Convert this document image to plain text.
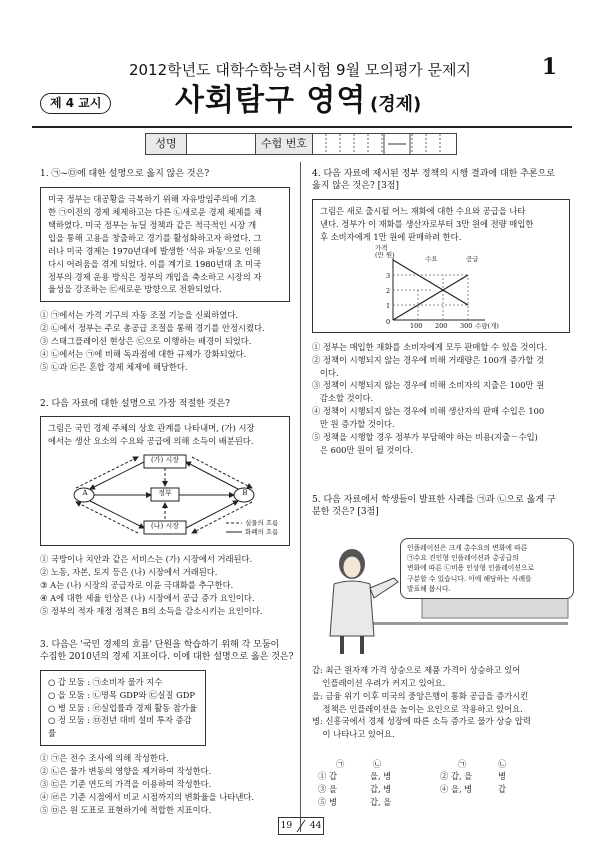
2012학년도 대학수학능력시험 9월 모의평가 문제지	1
제 4 교시	사회탐구 영역 (경제)
성명	수험 번호
1. ㉠~㉤에 대한 설명으로 옳지 않은 것은?
미국 정부는 대공황을 극복하기 위해 자유방임주의에 기초
한 ㉠이전의 경제 체제하고는 다른 ㉡새로운 경제 체제를 채
택하였다. 미국 정부는 뉴딜 정책과 같은 적극적인 시장 개
입을 통해 고용을 창출하고 경기를 활성화하고자 하였다. 그
러나 미국 경제는 1970년대에 발생한 '석유 파동'으로 인해
다시 어려움을 겪게 되었다. 이를 계기로 1980년대 초 미국
정부의 경제 운용 방식은 정부의 개입을 축소하고 시장의 자
율성을 강조하는 ㉢새로운 방향으로 전환되었다.

① ㉠에서는 가격 기구의 자동 조절 기능을 신뢰하였다.

② ㉡에서 정부는 주로 총공급 조절을 통해 경기를 안정시켰다.

③ 스태그플레이션 현상은 ㉢으로 이행하는 배경이 되었다.

④ ㉡에서는 ㉠에 비해 독과점에 대한 규제가 강화되었다.

⑤ ㉡과 ㉢은 혼합 경제 체제에 해당한다.

2. 다음 자료에 대한 설명으로 가장 적절한 것은?
그림은 국민 경제 주체의 상호 관계를 나타내며, (가) 시장
에서는 생산 요소의 수요와 공급에 의해 소득이 배분된다.
(가) 시장
(나) 시장
정부
A	B
실물의 흐름
화폐의 흐름

① 국방이나 치안과 같은 서비스는 (가) 시장에서 거래된다.

② 노동, 자본, 토지 등은 (나) 시장에서 거래된다.

③ A는 (나) 시장의 공급자로 이윤 극대화를 추구한다.

④ A에 대한 세율 인상은 (나) 시장에서 공급 증가 요인이다.

⑤ 정부의 적자 재정 정책은 B의 소득을 감소시키는 요인이다.

3. 다음은 '국민 경제의 흐름' 단원을 학습하기 위해 각 모둠이
수집한 2010년의 경제 지표이다. 이에 대한 설명으로 옳은 것은?
○ 갑 모둠 : ㉠소비자 물가 지수
○ 을 모둠 : ㉡명목 GDP와 ㉢실질 GDP
○ 병 모둠 : ㉣실업률과 경제 활동 참가율
○ 정 모둠 : ㉤전년 대비 설비 투자 증감률

① ㉠은 전수 조사에 의해 작성한다.

② ㉡은 물가 변동의 영향을 제거하여 작성한다.

③ ㉢은 기준 연도의 가격을 이용하여 작성한다.

④ ㉣은 기준 시점에서 비교 시점까지의 변화율을 나타낸다.

⑤ ㉤은 원 도표로 표현하기에 적합한 지표이다.

4. 다음 자료에 제시된 정부 정책의 시행 결과에 대한 추론으로
옳지 않은 것은? [3점]
그림은 새로 출시될 어느 재화에 대한 수요와 공급을 나타
낸다. 정부가 이 재화를 생산자로부터 3만 원에 전량 매입한
후 소비자에게 1만 원에 판매하려 한다.
가격
(만 원)	수요	공급
3
2
1
0	100 200 300 수량(개)

① 정부는 매입한 재화를 소비자에게 모두 판매할 수 있을 것이다.

② 정책이 시행되지 않는 경우에 비해 거래량은 100개 증가할 것

이다.

③ 정책이 시행되지 않는 경우에 비해 소비자의 지출은 100만 원

감소할 것이다.

④ 정책이 시행되지 않는 경우에 비해 생산자의 판매 수입은 100

만 원 증가할 것이다.

⑤ 정책을 시행할 경우 정부가 부담해야 하는 비용(지출－수입)

은 600만 원이 될 것이다.

5. 다음 자료에서 학생들이 발표한 사례를 ㉠과 ㉡으로 옳게 구
분한 것은? [3점]
인플레이션은 크게 총수요의 변화에 따른
㉠수요 견인형 인플레이션과 총공급의
변화에 따른 ㉡비용 인상형 인플레이션으로
구분할 수 있습니다. 이에 해당하는 사례를
발표해 봅시다.

갑: 최근 원자재 가격 상승으로 제품 가격이 상승하고 있어

인플레이션 우려가 커지고 있어요.

을: 금융 위기 이후 미국의 중앙은행이 통화 공급을 증가시킨

정책은 인플레이션을 높이는 요인으로 작용하고 있어요.

병: 신흥국에서 경제 성장에 따른 소득 증가로 물가 상승 압력

이 나타나고 있어요.

㉠	㉡	㉠	㉡
① 갑	을, 병	② 갑, 을	병
③ 을	갑, 병	④ 을, 병	갑
⑤ 병	갑, 을
19 44
